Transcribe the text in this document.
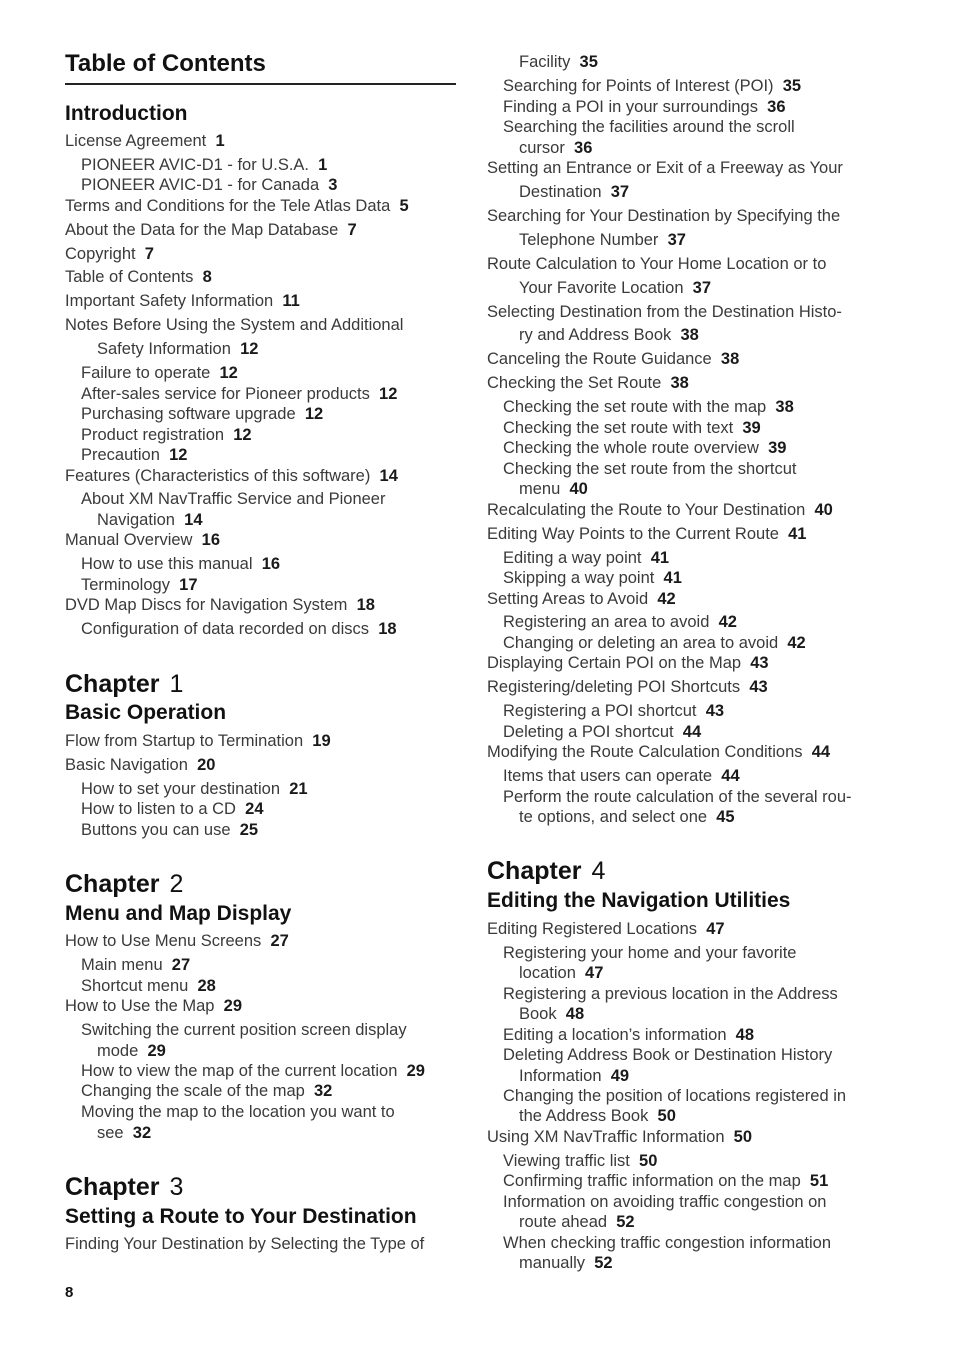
Table of Contents
Introduction
License Agreement 1
PIONEER AVIC-D1 - for U.S.A. 1
PIONEER AVIC-D1 - for Canada 3
Terms and Conditions for the Tele Atlas Data 5
About the Data for the Map Database 7
Copyright 7
Table of Contents 8
Important Safety Information 11
Notes Before Using the System and Additional
Safety Information 12
Failure to operate 12
After-sales service for Pioneer products 12
Purchasing software upgrade 12
Product registration 12
Precaution 12
Features (Characteristics of this software) 14
About XM NavTraffic Service and Pioneer
Navigation 14
Manual Overview 16
How to use this manual 16
Terminology 17
DVD Map Discs for Navigation System 18
Configuration of data recorded on discs 18
Chapter 1
Basic Operation
Flow from Startup to Termination 19
Basic Navigation 20
How to set your destination 21
How to listen to a CD 24
Buttons you can use 25
Chapter 2
Menu and Map Display
How to Use Menu Screens 27
Main menu 27
Shortcut menu 28
How to Use the Map 29
Switching the current position screen display
mode 29
How to view the map of the current location 29
Changing the scale of the map 32
Moving the map to the location you want to
see 32
Chapter 3
Setting a Route to Your Destination
Finding Your Destination by Selecting the Type of
Facility 35
Searching for Points of Interest (POI) 35
Finding a POI in your surroundings 36
Searching the facilities around the scroll
cursor 36
Setting an Entrance or Exit of a Freeway as Your
Destination 37
Searching for Your Destination by Specifying the
Telephone Number 37
Route Calculation to Your Home Location or to
Your Favorite Location 37
Selecting Destination from the Destination Histo-
ry and Address Book 38
Canceling the Route Guidance 38
Checking the Set Route 38
Checking the set route with the map 38
Checking the set route with text 39
Checking the whole route overview 39
Checking the set route from the shortcut
menu 40
Recalculating the Route to Your Destination 40
Editing Way Points to the Current Route 41
Editing a way point 41
Skipping a way point 41
Setting Areas to Avoid 42
Registering an area to avoid 42
Changing or deleting an area to avoid 42
Displaying Certain POI on the Map 43
Registering/deleting POI Shortcuts 43
Registering a POI shortcut 43
Deleting a POI shortcut 44
Modifying the Route Calculation Conditions 44
Items that users can operate 44
Perform the route calculation of the several rou-
te options, and select one 45
Chapter 4
Editing the Navigation Utilities
Editing Registered Locations 47
Registering your home and your favorite
location 47
Registering a previous location in the Address
Book 48
Editing a location’s information 48
Deleting Address Book or Destination History
Information 49
Changing the position of locations registered in
the Address Book 50
Using XM NavTraffic Information 50
Viewing traffic list 50
Confirming traffic information on the map 51
Information on avoiding traffic congestion on
route ahead 52
When checking traffic congestion information
manually 52
8
